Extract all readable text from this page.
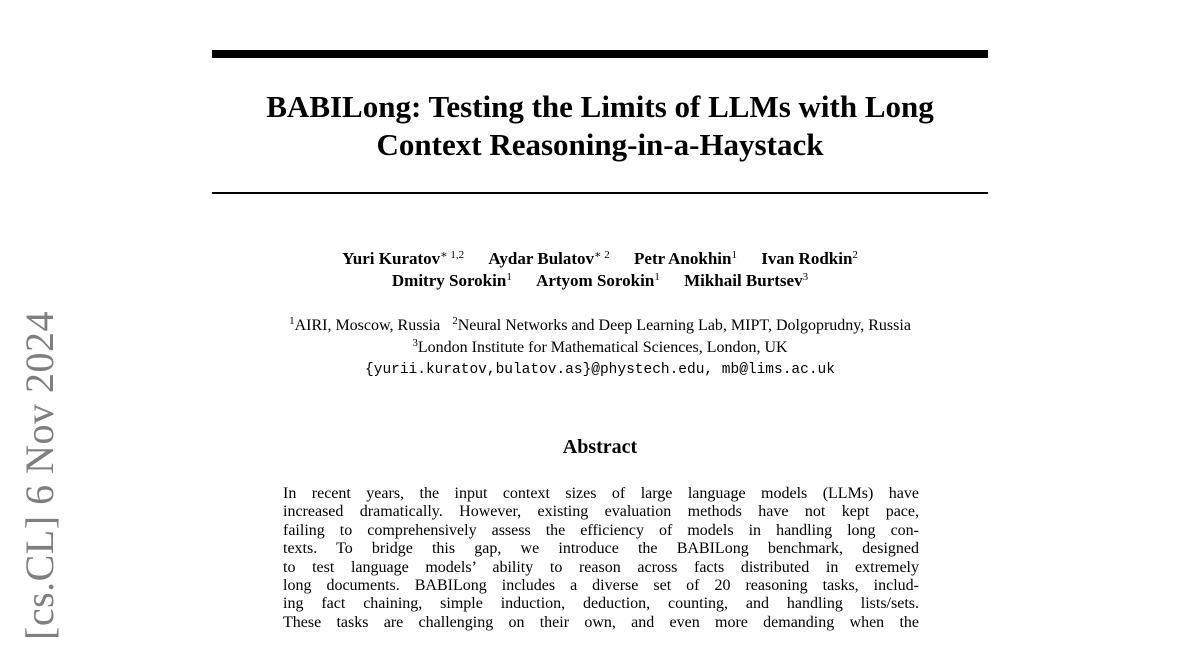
[cs.CL] 6 Nov 2024
BABILong: Testing the Limits of LLMs with Long
Context Reasoning-in-a-Haystack
Yuri Kuratov$^{∗ 1,2}$ Aydar Bulatov$^{∗ 2}$ Petr Anokhin$^1$ Ivan Rodkin$^2$
Dmitry Sorokin$^1$ Artyom Sorokin$^1$ Mikhail Burtsev$^3$
$^1$AIRI, Moscow, Russia $^2$Neural Networks and Deep Learning Lab, MIPT, Dolgoprudny, Russia
$^3$London Institute for Mathematical Sciences, London, UK
{yurii.kuratov,bulatov.as}@phystech.edu, mb@lims.ac.uk
Abstract
In recent years, the input context sizes of large language models (LLMs) have
increased dramatically. However, existing evaluation methods have not kept pace,
failing to comprehensively assess the efficiency of models in handling long con-
texts. To bridge this gap, we introduce the BABILong benchmark, designed
to test language models’ ability to reason across facts distributed in extremely
long documents. BABILong includes a diverse set of 20 reasoning tasks, includ-
ing fact chaining, simple induction, deduction, counting, and handling lists/sets.
These tasks are challenging on their own, and even more demanding when the
